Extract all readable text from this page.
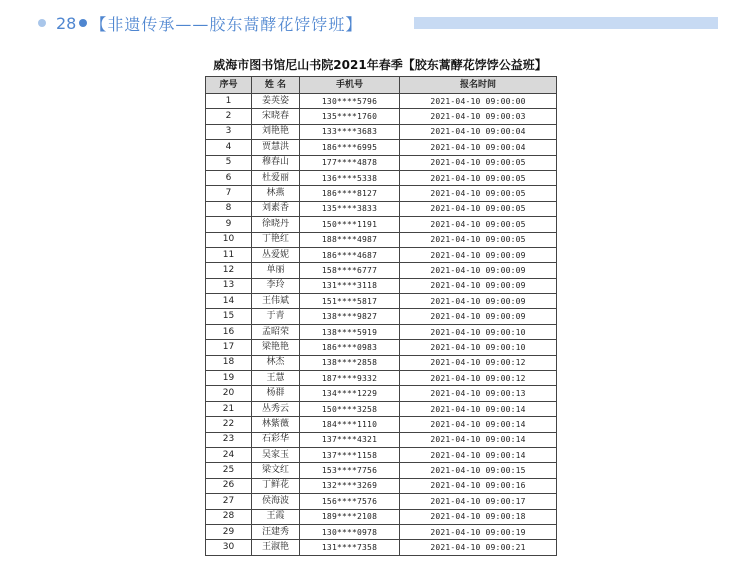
28 【非遗传承——胶东蒿酵花饽饽班】
威海市图书馆尼山书院2021年春季【胶东蒿酵花饽饽公益班】
序号	姓 名	手机号	报名时间
1	姜英姿	130****5796	2021-04-10 09:00:00
2	宋晓春	135****1760	2021-04-10 09:00:03
3	刘艳艳	133****3683	2021-04-10 09:00:04
4	贾慧洪	186****6995	2021-04-10 09:00:04
5	穆春山	177****4878	2021-04-10 09:00:05
6	杜爱丽	136****5338	2021-04-10 09:00:05
7	林燕	186****8127	2021-04-10 09:00:05
8	刘素香	135****3833	2021-04-10 09:00:05
9	徐晓丹	150****1191	2021-04-10 09:00:05
10	丁艳红	188****4987	2021-04-10 09:00:05
11	丛爱妮	186****4687	2021-04-10 09:00:09
12	单丽	158****6777	2021-04-10 09:00:09
13	李玲	131****3118	2021-04-10 09:00:09
14	王伟斌	151****5817	2021-04-10 09:00:09
15	于青	138****9827	2021-04-10 09:00:09
16	孟昭荣	138****5919	2021-04-10 09:00:10
17	梁艳艳	186****0983	2021-04-10 09:00:10
18	林杰	138****2858	2021-04-10 09:00:12
19	王慧	187****9332	2021-04-10 09:00:12
20	杨群	134****1229	2021-04-10 09:00:13
21	丛秀云	150****3258	2021-04-10 09:00:14
22	林紫薇	184****1110	2021-04-10 09:00:14
23	石彩华	137****4321	2021-04-10 09:00:14
24	吴家玉	137****1158	2021-04-10 09:00:14
25	梁文红	153****7756	2021-04-10 09:00:15
26	丁鲜花	132****3269	2021-04-10 09:00:16
27	侯海波	156****7576	2021-04-10 09:00:17
28	王霞	189****2108	2021-04-10 09:00:18
29	汪建秀	130****0978	2021-04-10 09:00:19
30	王淑艳	131****7358	2021-04-10 09:00:21
